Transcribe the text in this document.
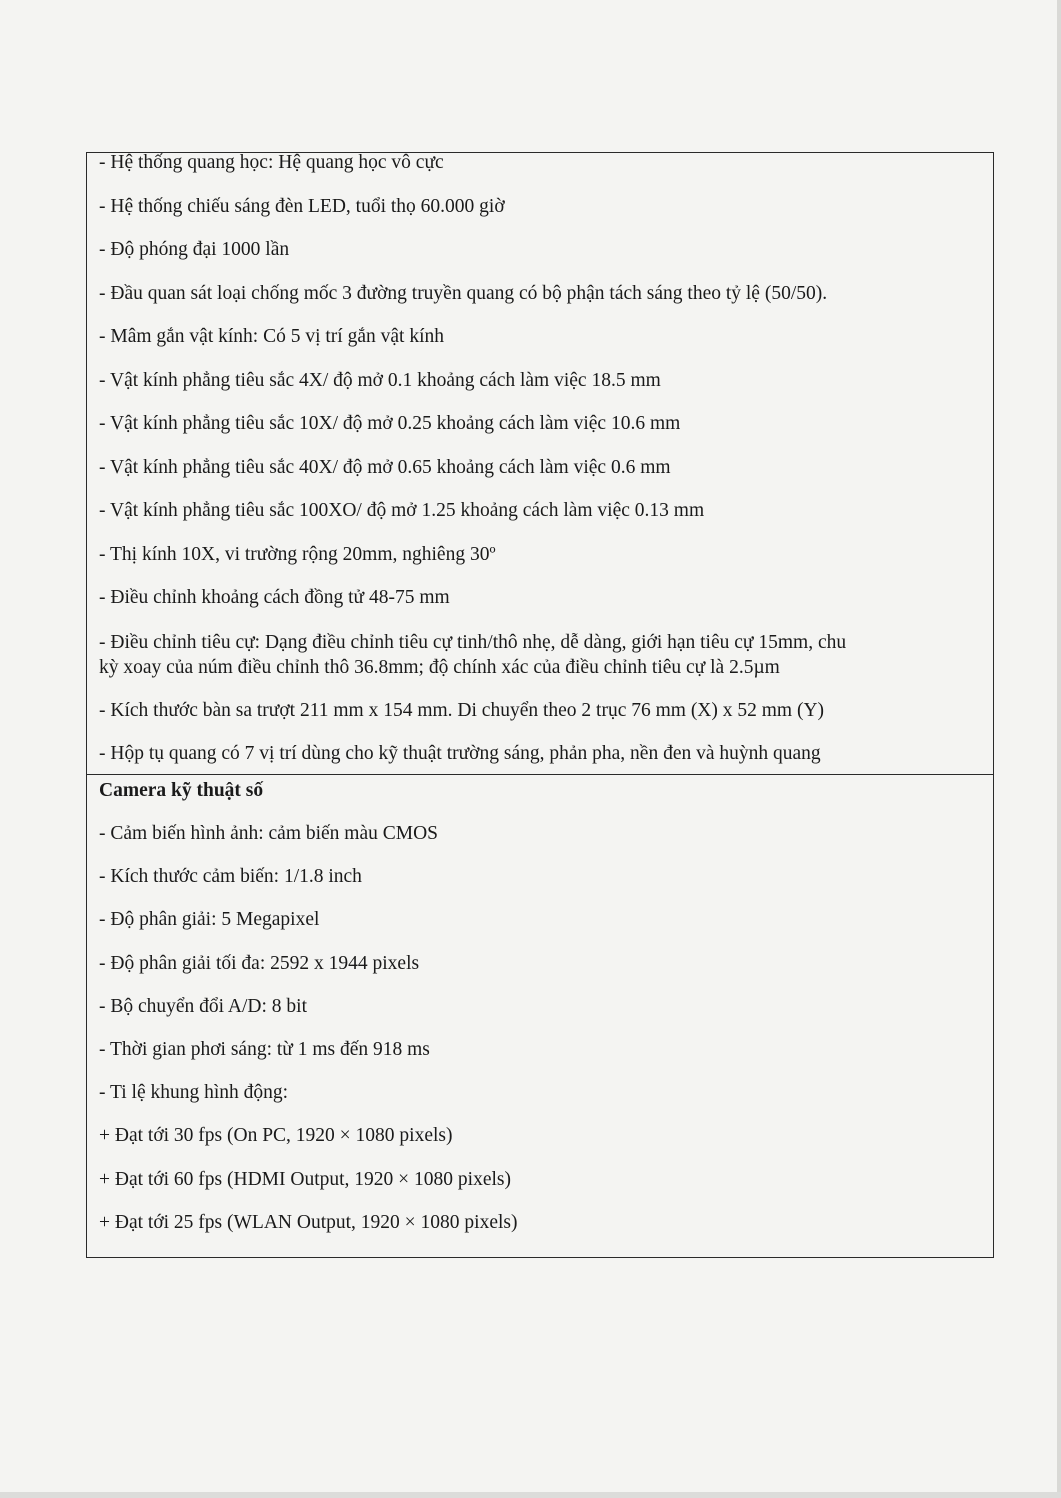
- Hệ thống quang học: Hệ quang học vô cực

- Hệ thống chiếu sáng đèn LED, tuổi thọ 60.000 giờ

- Độ phóng đại 1000 lần

- Đầu quan sát loại chống mốc 3 đường truyền quang có bộ phận tách sáng theo tỷ lệ (50/50).

- Mâm gắn vật kính: Có 5 vị trí gắn vật kính

- Vật kính phẳng tiêu sắc 4X/ độ mở 0.1 khoảng cách làm việc 18.5 mm

- Vật kính phẳng tiêu sắc 10X/ độ mở 0.25 khoảng cách làm việc 10.6 mm

- Vật kính phẳng tiêu sắc 40X/ độ mở 0.65 khoảng cách làm việc 0.6 mm

- Vật kính phẳng tiêu sắc 100XO/ độ mở 1.25 khoảng cách làm việc 0.13 mm

- Thị kính 10X, vi trường rộng 20mm, nghiêng 30º

- Điều chỉnh khoảng cách đồng tử 48-75 mm

- Điều chỉnh tiêu cự: Dạng điều chỉnh tiêu cự tinh/thô nhẹ, dễ dàng, giới hạn tiêu cự 15mm, chu

kỳ xoay của núm điều chỉnh thô 36.8mm; độ chính xác của điều chỉnh tiêu cự là 2.5µm

- Kích thước bàn sa trượt 211 mm x 154 mm. Di chuyển theo 2 trục 76 mm (X) x 52 mm (Y)

- Hộp tụ quang có 7 vị trí dùng cho kỹ thuật trường sáng, phản pha, nền đen và huỳnh quang

Camera kỹ thuật số

- Cảm biến hình ảnh: cảm biến màu CMOS

- Kích thước cảm biến: 1/1.8 inch

- Độ phân giải: 5 Megapixel

- Độ phân giải tối đa: 2592 x 1944 pixels

- Bộ chuyển đổi A/D: 8 bit

- Thời gian phơi sáng: từ 1 ms đến 918 ms

- Ti lệ khung hình động:

+ Đạt tới 30 fps (On PC, 1920 × 1080 pixels)

+ Đạt tới 60 fps (HDMI Output, 1920 × 1080 pixels)

+ Đạt tới 25 fps (WLAN Output, 1920 × 1080 pixels)
